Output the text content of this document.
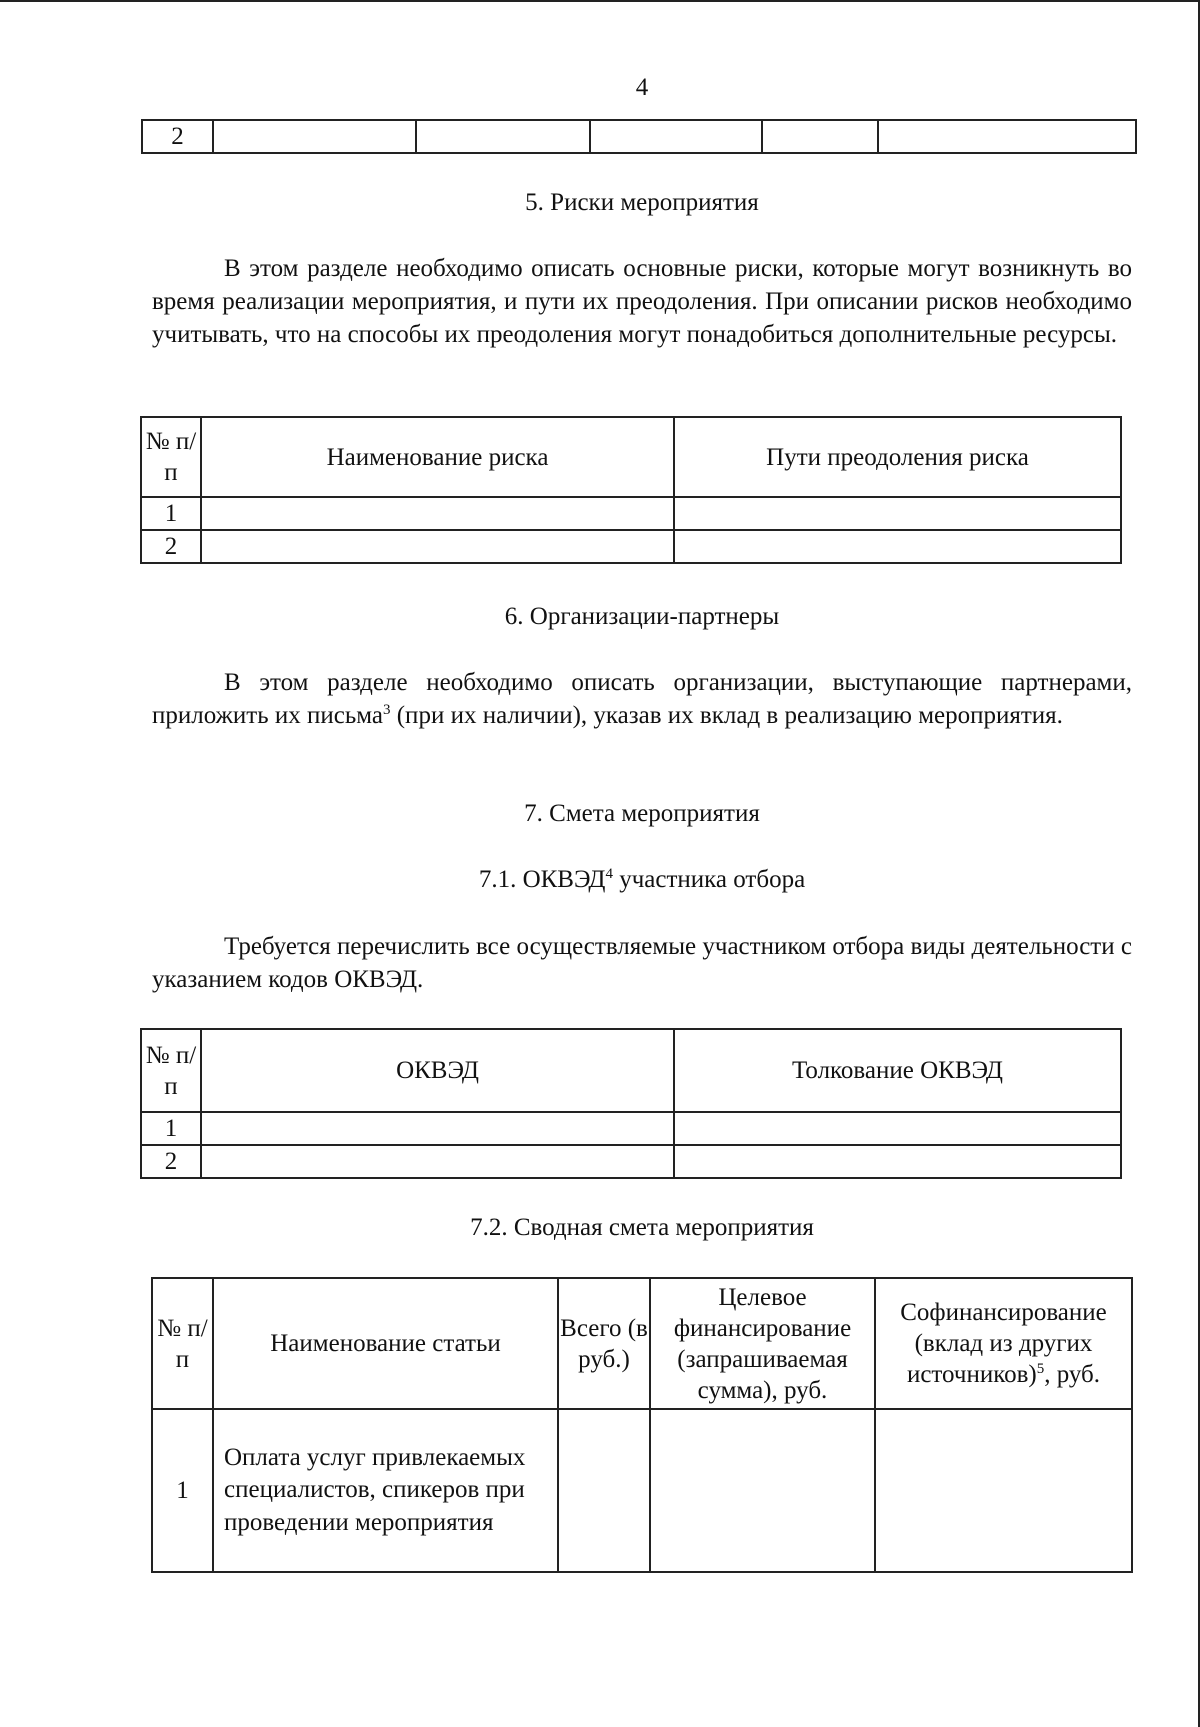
4
2					
5. Риски мероприятия
В этом разделе необходимо описать основные риски, которые могут возникнуть во время реализации мероприятия, и пути их преодоления. При описании рисков необходимо учитывать, что на способы их преодоления могут понадобиться дополнительные ресурсы.
№ п/п	Наименование риска	Пути преодоления риска
1		
2		
6. Организации-партнеры
В этом разделе необходимо описать организации, выступающие партнерами, приложить их письма$^3$ (при их наличии), указав их вклад в реализацию мероприятия.
7. Смета мероприятия
7.1. ОКВЭД$^4$ участника отбора
Требуется перечислить все осуществляемые участником отбора виды деятельности с указанием кодов ОКВЭД.
№ п/п	ОКВЭД	Толкование ОКВЭД
1		
2		
7.2. Сводная смета мероприятия
№ п/п	Наименование статьи	Всего (в руб.)	Целевое финансирование (запрашиваемая сумма), руб.	Софинансирование (вклад из других источников)$^5$, руб.
1	Оплата услуг привлекаемых специалистов, спикеров при проведении мероприятия			
